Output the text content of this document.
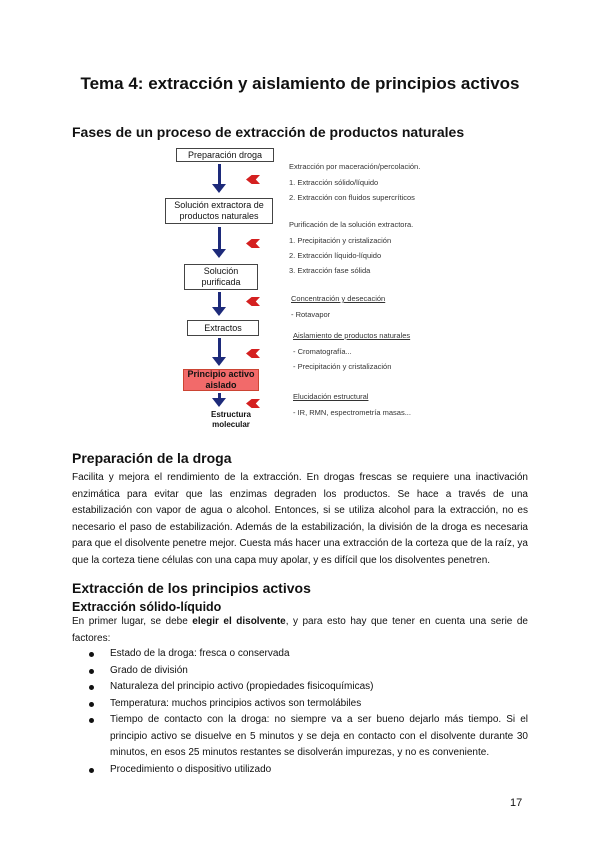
Tema 4: extracción y aislamiento de principios activos
Fases de un proceso de extracción de productos naturales
Preparación droga
Solución extractora de productos naturales
Solución purificada
Extractos
Principio activo aislado
Estructura molecular
Extracción por maceración/percolación.
1. Extracción sólido/líquido
2. Extracción con fluidos supercríticos
Purificación de la solución extractora.
1. Precipitación y cristalización
2. Extracción líquido-líquido
3. Extracción fase sólida
Concentración y desecación
- Rotavapor
Aislamiento de productos naturales
- Cromatografía...
- Precipitación y cristalización
Elucidación estructural
- IR, RMN, espectrometría masas...
Preparación de la droga

Facilita y mejora el rendimiento de la extracción. En drogas frescas se requiere una inactivación enzimática para evitar que las enzimas degraden los productos. Se hace a través de una estabilización con vapor de agua o alcohol. Entonces, si se utiliza alcohol para la extracción, no es necesario el paso de estabilización. Además de la estabilización, la división de la droga es necesaria para que el disolvente penetre mejor. Cuesta más hacer una extracción de la corteza que de la raíz, ya que la corteza tiene células con una capa muy apolar, y es difícil que los disolventes penetren.

Extracción de los principios activos
Extracción sólido-líquido

En primer lugar, se debe elegir el disolvente, y para esto hay que tener en cuenta una serie de factores:

Estado de la droga: fresca o conservada
Grado de división
Naturaleza del principio activo (propiedades fisicoquímicas)
Temperatura: muchos principios activos son termolábiles
Tiempo de contacto con la droga: no siempre va a ser bueno dejarlo más tiempo. Si el principio activo se disuelve en 5 minutos y se deja en contacto con el disolvente durante 30 minutos, en esos 25 minutos restantes se disolverán impurezas, y no es conveniente.
Procedimiento o dispositivo utilizado
17
